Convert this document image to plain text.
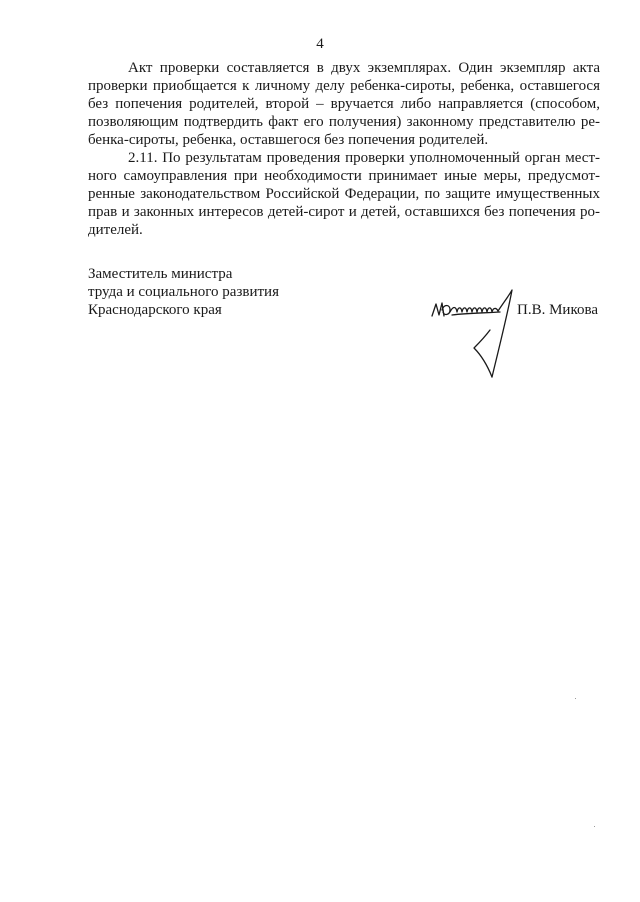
4
Акт проверки составляется в двух экземплярах. Один экземпляр акта
проверки приобщается к личному делу ребенка-сироты, ребенка, оставшегося
без попечения родителей, второй – вручается либо направляется (способом,
позволяющим подтвердить факт его получения) законному представителю ре-
бенка-сироты, ребенка, оставшегося без попечения родителей.
2.11. По результатам проведения проверки уполномоченный орган мест-
ного самоуправления при необходимости принимает иные меры, предусмот-
ренные законодательством Российской Федерации, по защите имущественных
прав и законных интересов детей-сирот и детей, оставшихся без попечения ро-
дителей.
Заместитель министра
труда и социального развития
Краснодарского края	П.В. Микова
